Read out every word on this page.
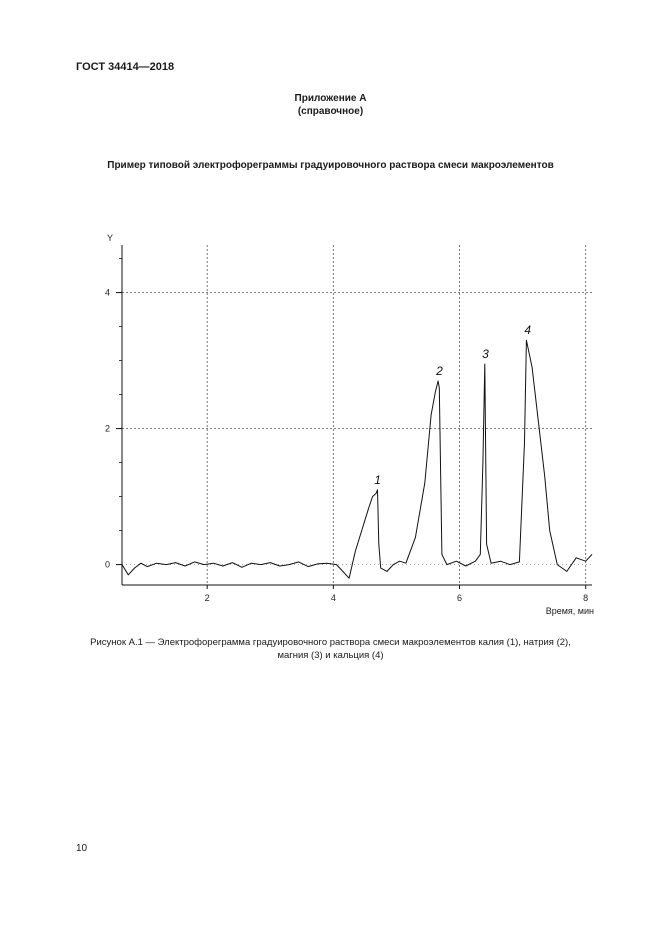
ГОСТ 34414—2018
Приложение А
(справочное)
Пример типовой электрофореграммы градуировочного раствора смеси макроэлементов
2	4	6	8
0
2
4
Y
Время, мин
1
2
3
4
Рисунок А.1 — Электрофореграмма градуировочного раствора смеси макроэлементов калия (1), натрия (2),
магния (3) и кальция (4)
10
